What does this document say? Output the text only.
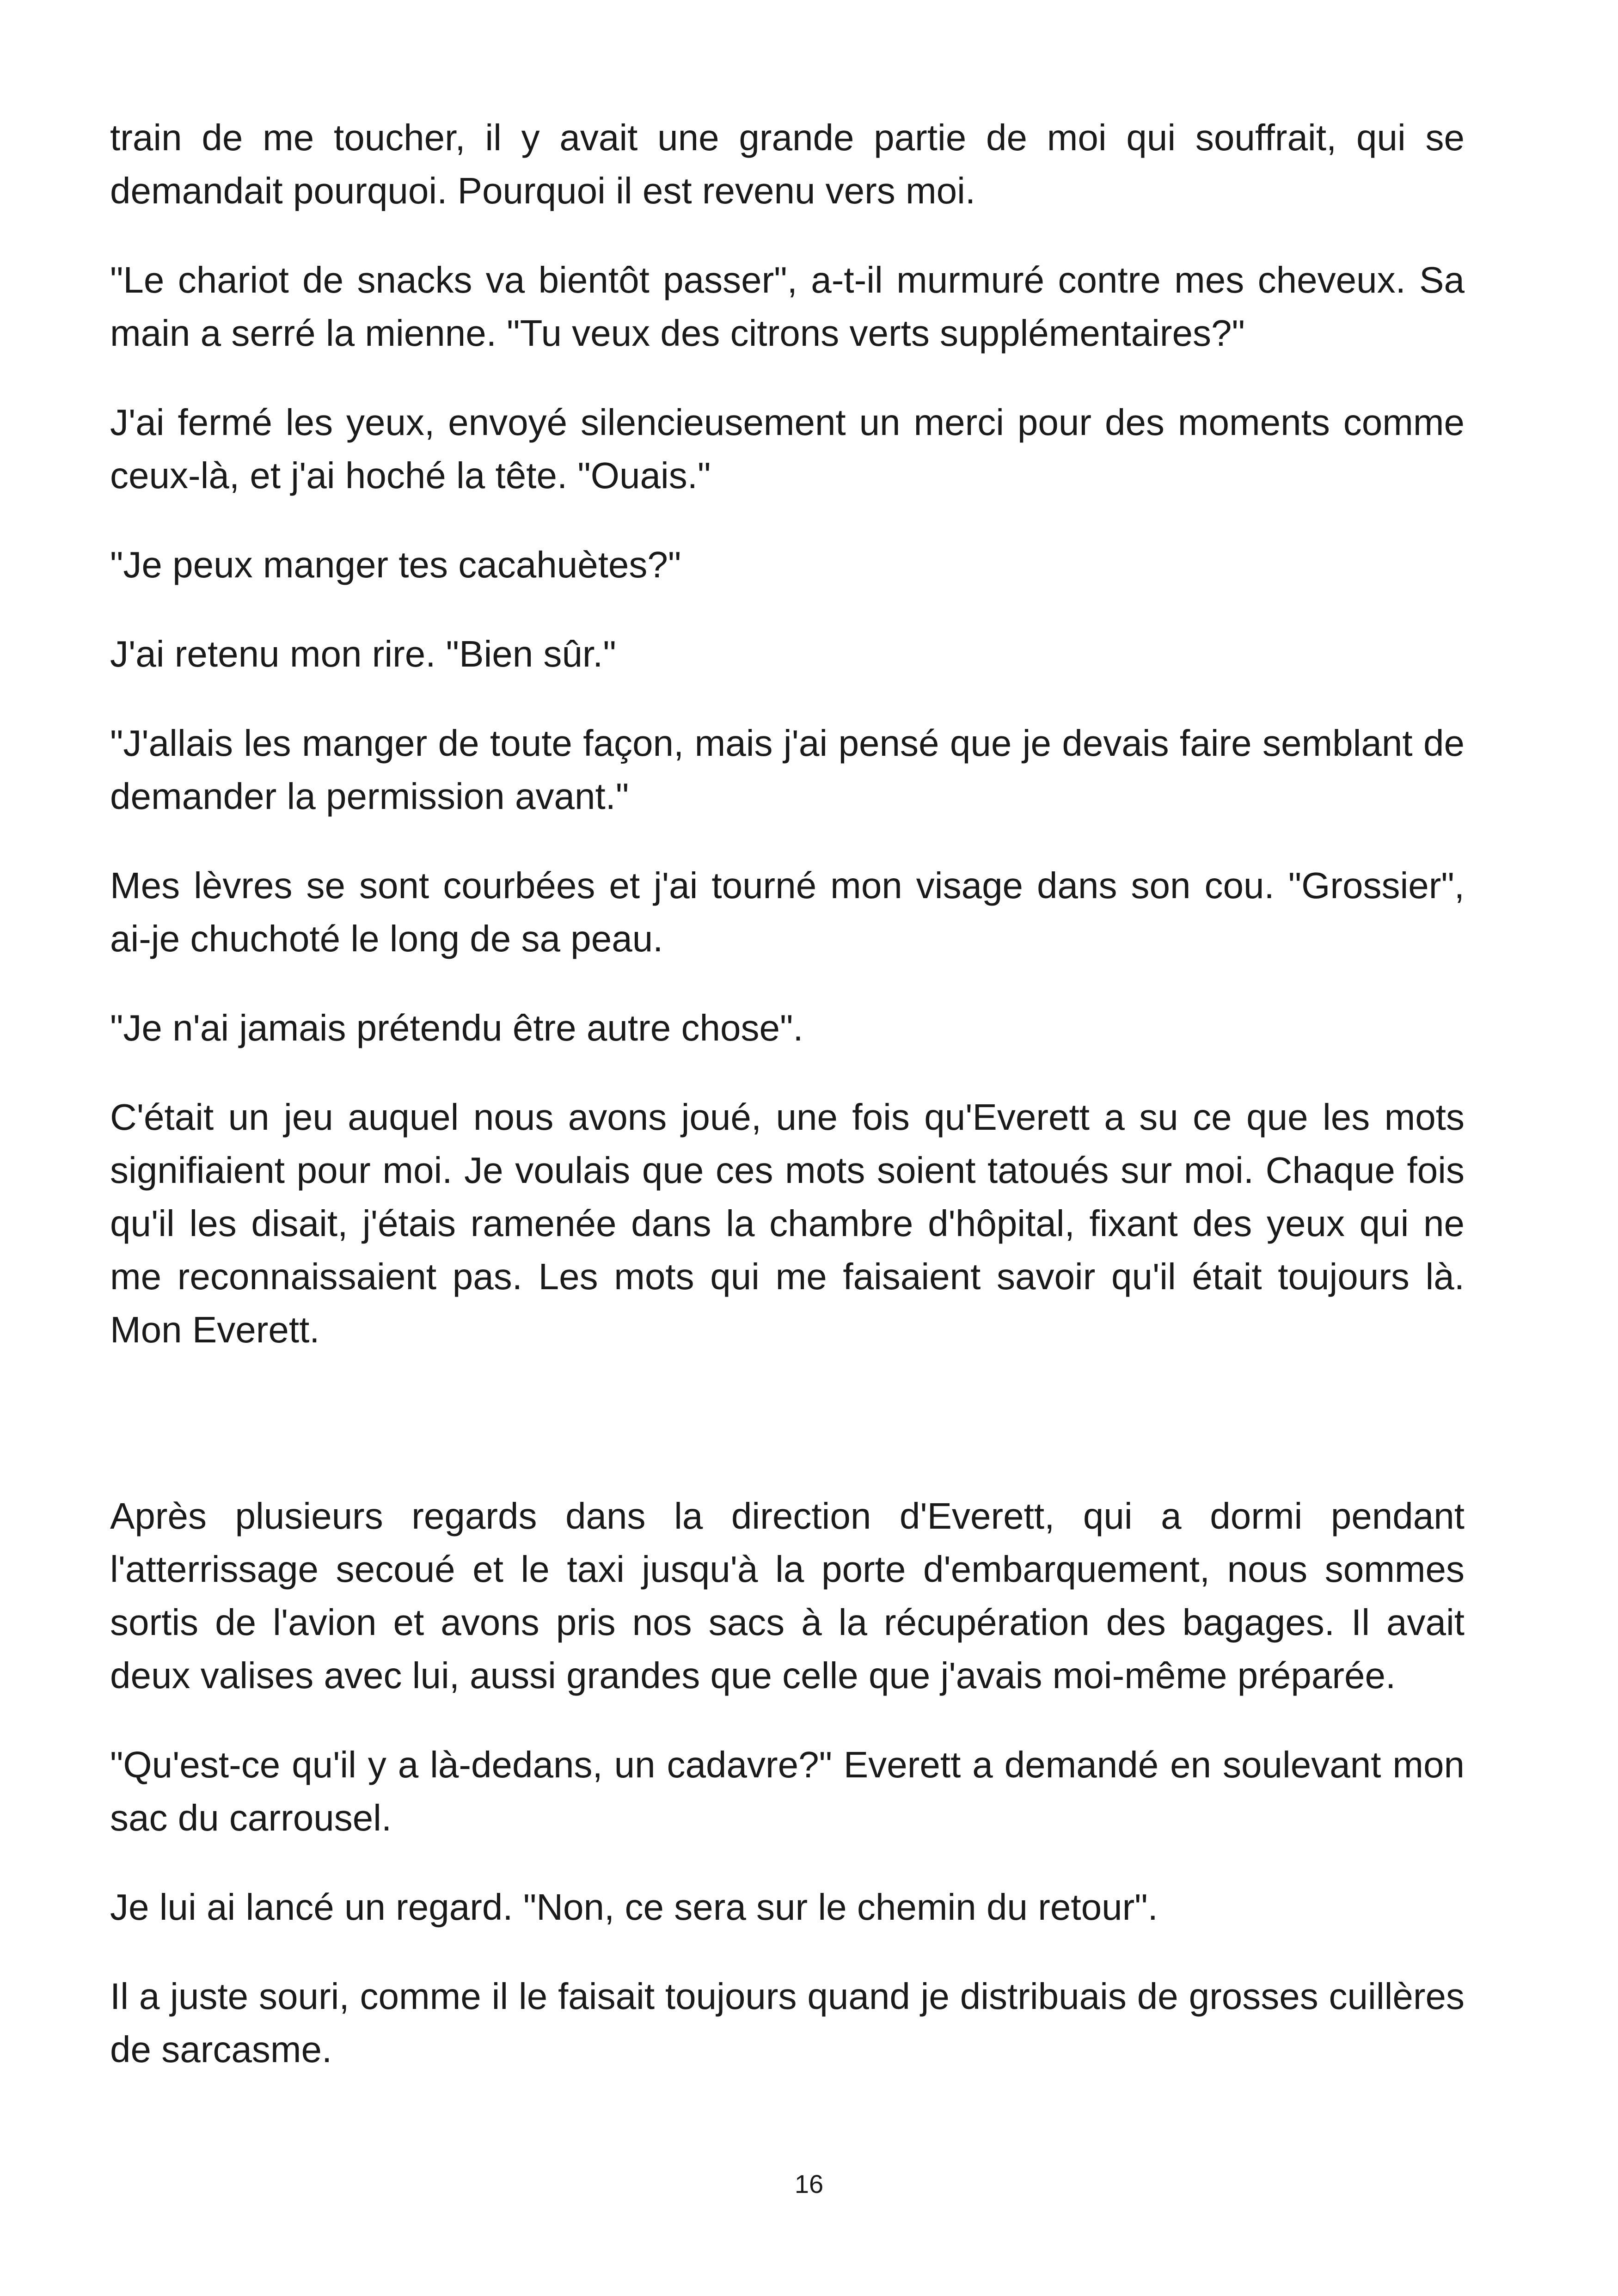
train de me toucher, il y avait une grande partie de moi qui souffrait, qui se demandait pourquoi. Pourquoi il est revenu vers moi.

"Le chariot de snacks va bientôt passer", a-t-il murmuré contre mes cheveux. Sa main a serré la mienne. "Tu veux des citrons verts supplémentaires?"

J'ai fermé les yeux, envoyé silencieusement un merci pour des moments comme ceux-là, et j'ai hoché la tête. "Ouais."

"Je peux manger tes cacahuètes?"

J'ai retenu mon rire. "Bien sûr."

"J'allais les manger de toute façon, mais j'ai pensé que je devais faire semblant de demander la permission avant."

Mes lèvres se sont courbées et j'ai tourné mon visage dans son cou. "Grossier", ai-je chuchoté le long de sa peau.

"Je n'ai jamais prétendu être autre chose".

C'était un jeu auquel nous avons joué, une fois qu'Everett a su ce que les mots signifiaient pour moi. Je voulais que ces mots soient tatoués sur moi. Chaque fois qu'il les disait, j'étais ramenée dans la chambre d'hôpital, fixant des yeux qui ne me reconnaissaient pas. Les mots qui me faisaient savoir qu'il était toujours là. Mon Everett.

Après plusieurs regards dans la direction d'Everett, qui a dormi pendant l'atterrissage secoué et le taxi jusqu'à la porte d'embarquement, nous sommes sortis de l'avion et avons pris nos sacs à la récupération des bagages. Il avait deux valises avec lui, aussi grandes que celle que j'avais moi-même préparée.

"Qu'est-ce qu'il y a là-dedans, un cadavre?" Everett a demandé en soulevant mon sac du carrousel.

Je lui ai lancé un regard. "Non, ce sera sur le chemin du retour".

Il a juste souri, comme il le faisait toujours quand je distribuais de grosses cuillères de sarcasme.

16
